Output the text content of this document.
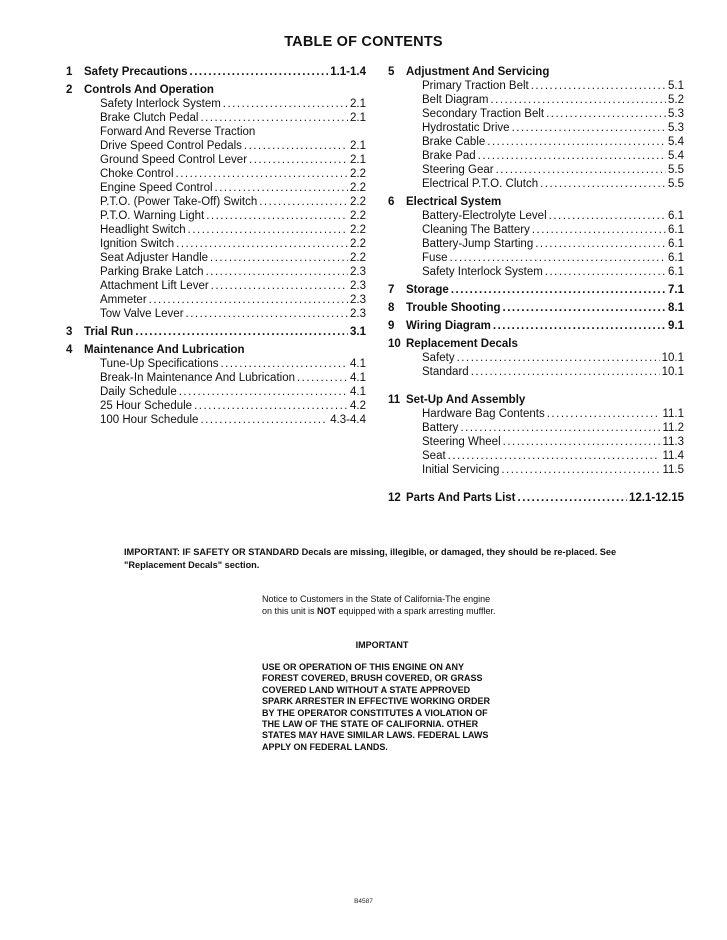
TABLE OF CONTENTS
1	Safety Precautions .....	1.1-1.4
2	Controls And Operation
Safety Interlock System .....	2.1
Brake Clutch Pedal .....	2.1
Forward And Reverse Traction
Drive Speed Control Pedals .....	2.1
Ground Speed Control Lever .....	2.1
Choke Control .....	2.2
Engine Speed Control .....	2.2
P.T.O. (Power Take-Off) Switch .....	2.2
P.T.O. Warning Light .....	2.2
Headlight Switch .....	2.2
Ignition Switch .....	2.2
Seat Adjuster Handle .....	2.2
Parking Brake Latch .....	2.3
Attachment Lift Lever .....	2.3
Ammeter .....	2.3
Tow Valve Lever .....	2.3
3	Trial Run .....	3.1
4	Maintenance And Lubrication
Tune-Up Specifications .....	4.1
Break-In Maintenance And Lubrication .....	4.1
Daily Schedule .....	4.1
25 Hour Schedule .....	4.2
100 Hour Schedule .....	4.3-4.4
5	Adjustment And Servicing
Primary Traction Belt .....	5.1
Belt Diagram .....	5.2
Secondary Traction Belt .....	5.3
Hydrostatic Drive .....	5.3
Brake Cable .....	5.4
Brake Pad .....	5.4
Steering Gear .....	5.5
Electrical P.T.O. Clutch .....	5.5
6	Electrical System
Battery-Electrolyte Level .....	6.1
Cleaning The Battery .....	6.1
Battery-Jump Starting .....	6.1
Fuse .....	6.1
Safety Interlock System .....	6.1
7	Storage .....	7.1
8	Trouble Shooting .....	8.1
9	Wiring Diagram .....	9.1
10 Replacement Decals
Safety .....	10.1
Standard .....	10.1
11 Set-Up And Assembly
Hardware Bag Contents .....	11.1
Battery .....	11.2
Steering Wheel .....	11.3
Seat .....	11.4
Initial Servicing .....	11.5
12 Parts And Parts List .....	12.1-12.15
IMPORTANT: IF SAFETY OR STANDARD Decals are missing, illegible, or damaged, they should be re-placed. See "Replacement Decals" section.
Notice to Customers in the State of California-The engine on this unit is NOT equipped with a spark arresting muffler.
IMPORTANT
USE OR OPERATION OF THIS ENGINE ON ANY FOREST COVERED, BRUSH COVERED, OR GRASS COVERED LAND WITHOUT A STATE APPROVED SPARK ARRESTER IN EFFECTIVE WORKING ORDER BY THE OPERATOR CONSTITUTES A VIOLATION OF THE LAW OF THE STATE OF CALIFORNIA. OTHER STATES MAY HAVE SIMILAR LAWS. FEDERAL LAWS APPLY ON FEDERAL LANDS.
B4587
